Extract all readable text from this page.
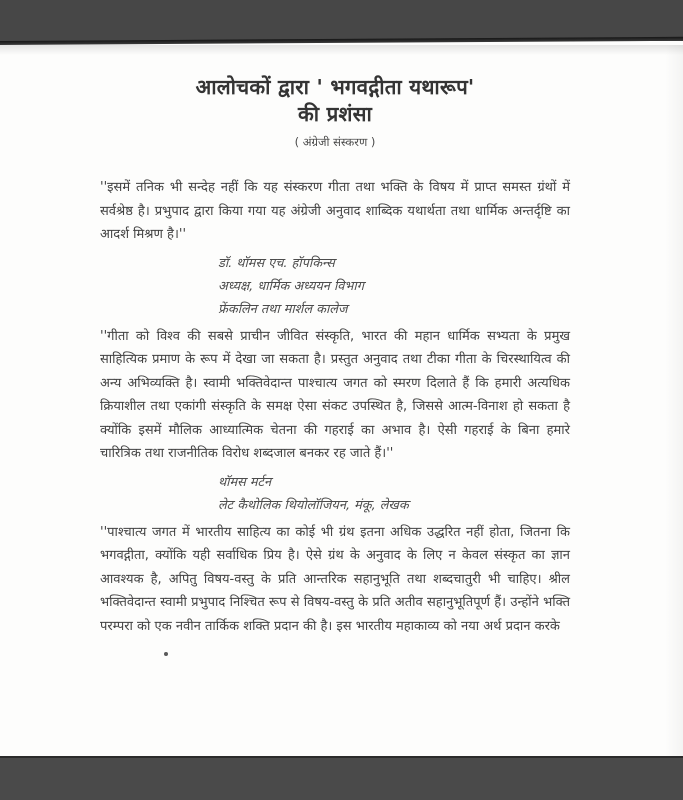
आलोचकों द्वारा ' भगवद्गीता यथारूप'
की प्रशंसा
( अंग्रेजी संस्करण )

''इसमें तनिक भी सन्देह नहीं कि यह संस्करण गीता तथा भक्ति के विषय में प्राप्त समस्त ग्रंथों में सर्वश्रेष्ठ है। प्रभुपाद द्वारा किया गया यह अंग्रेजी अनुवाद शाब्दिक यथार्थता तथा धार्मिक अन्तर्दृष्टि का आदर्श मिश्रण है।''

डॉ. थॉमस एच. हॉपकिन्स
अध्यक्ष, धार्मिक अध्ययन विभाग
फ्रेंकलिन तथा मार्शल कालेज

''गीता को विश्व की सबसे प्राचीन जीवित संस्कृति, भारत की महान धार्मिक सभ्यता के प्रमुख साहित्यिक प्रमाण के रूप में देखा जा सकता है। प्रस्तुत अनुवाद तथा टीका गीता के चिरस्थायित्व की अन्य अभिव्यक्ति है। स्वामी भक्तिवेदान्त पाश्चात्य जगत को स्मरण दिलाते हैं कि हमारी अत्यधिक क्रियाशील तथा एकांगी संस्कृति के समक्ष ऐसा संकट उपस्थित है, जिससे आत्म-विनाश हो सकता है क्योंकि इसमें मौलिक आध्यात्मिक चेतना की गहराई का अभाव है। ऐसी गहराई के बिना हमारे चारित्रिक तथा राजनीतिक विरोध शब्दजाल बनकर रह जाते हैं।''

थॉमस मर्टन
लेट कैथोलिक थियोलॉजियन, मंकू, लेखक

''पाश्चात्य जगत में भारतीय साहित्य का कोई भी ग्रंथ इतना अधिक उद्धरित नहीं होता, जितना कि भगवद्गीता, क्योंकि यही सर्वाधिक प्रिय है। ऐसे ग्रंथ के अनुवाद के लिए न केवल संस्कृत का ज्ञान आवश्यक है, अपितु विषय-वस्तु के प्रति आन्तरिक सहानुभूति तथा शब्दचातुरी भी चाहिए। श्रील भक्तिवेदान्त स्वामी प्रभुपाद निश्चित रूप से विषय-वस्तु के प्रति अतीव सहानुभूतिपूर्ण हैं। उन्होंने भक्ति परम्परा को एक नवीन तार्किक शक्ति प्रदान की है। इस भारतीय महाकाव्य को नया अर्थ प्रदान करके
